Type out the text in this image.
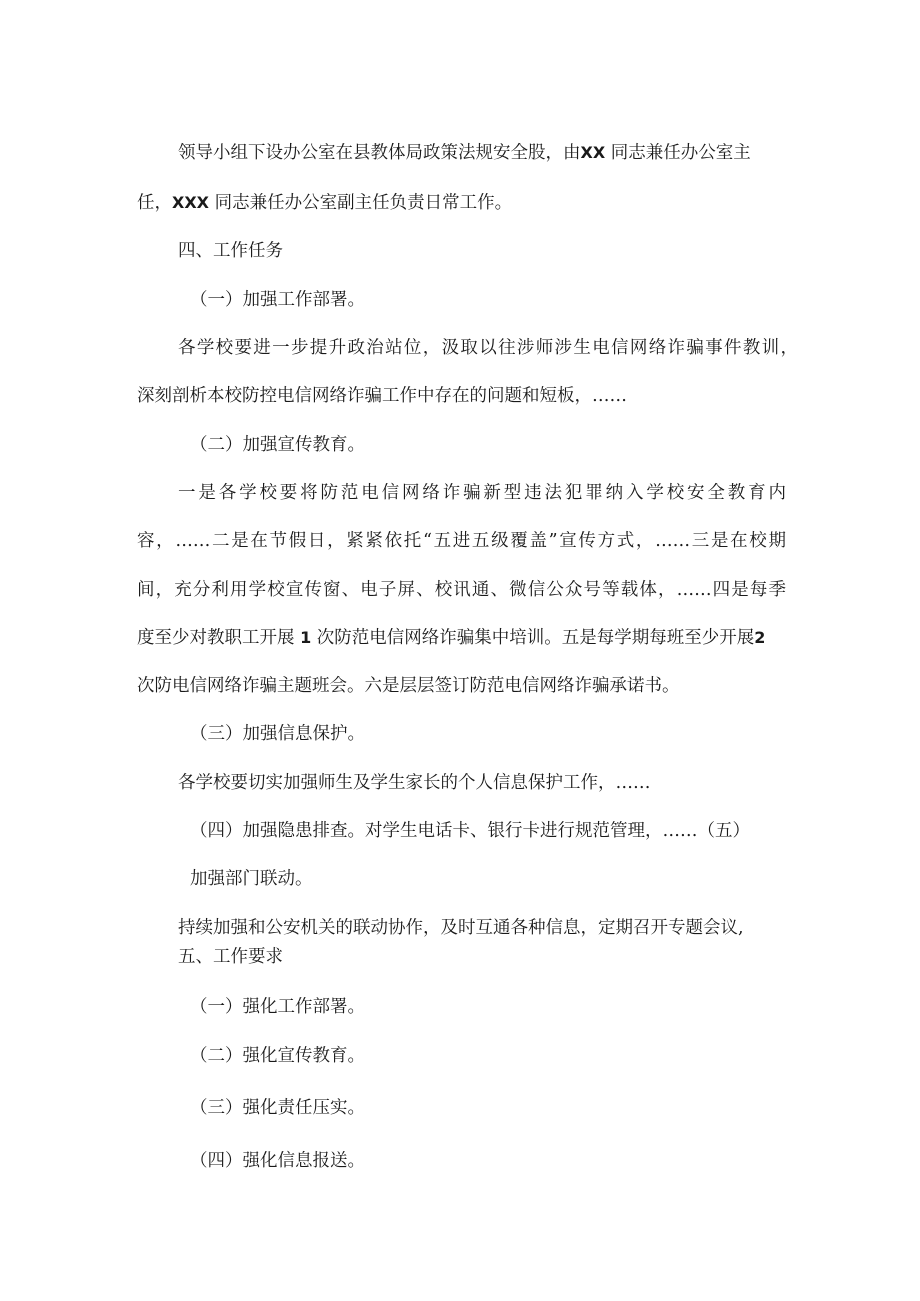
领导小组下设办公室在县教体局政策法规安全股，由XX 同志兼任办公室主

任，XXX 同志兼任办公室副主任负责日常工作。

四、工作任务

（一）加强工作部署。

各学校要进一步提升政治站位，汲取以往涉师涉生电信网络诈骗事件教训，

深刻剖析本校防控电信网络诈骗工作中存在的问题和短板，……

（二）加强宣传教育。

一是各学校要将防范电信网络诈骗新型违法犯罪纳入学校安全教育内

容，……二是在节假日，紧紧依托“五进五级覆盖”宣传方式，……三是在校期

间，充分利用学校宣传窗、电子屏、校讯通、微信公众号等载体，……四是每季

度至少对教职工开展 1 次防范电信网络诈骗集中培训。五是每学期每班至少开展2

次防电信网络诈骗主题班会。六是层层签订防范电信网络诈骗承诺书。

（三）加强信息保护。

各学校要切实加强师生及学生家长的个人信息保护工作，……

（四）加强隐患排查。对学生电话卡、银行卡进行规范管理，……（五）

加强部门联动。

持续加强和公安机关的联动协作，及时互通各种信息，定期召开专题会议,

五、工作要求

（一）强化工作部署。

（二）强化宣传教育。

（三）强化责任压实。

（四）强化信息报送。
